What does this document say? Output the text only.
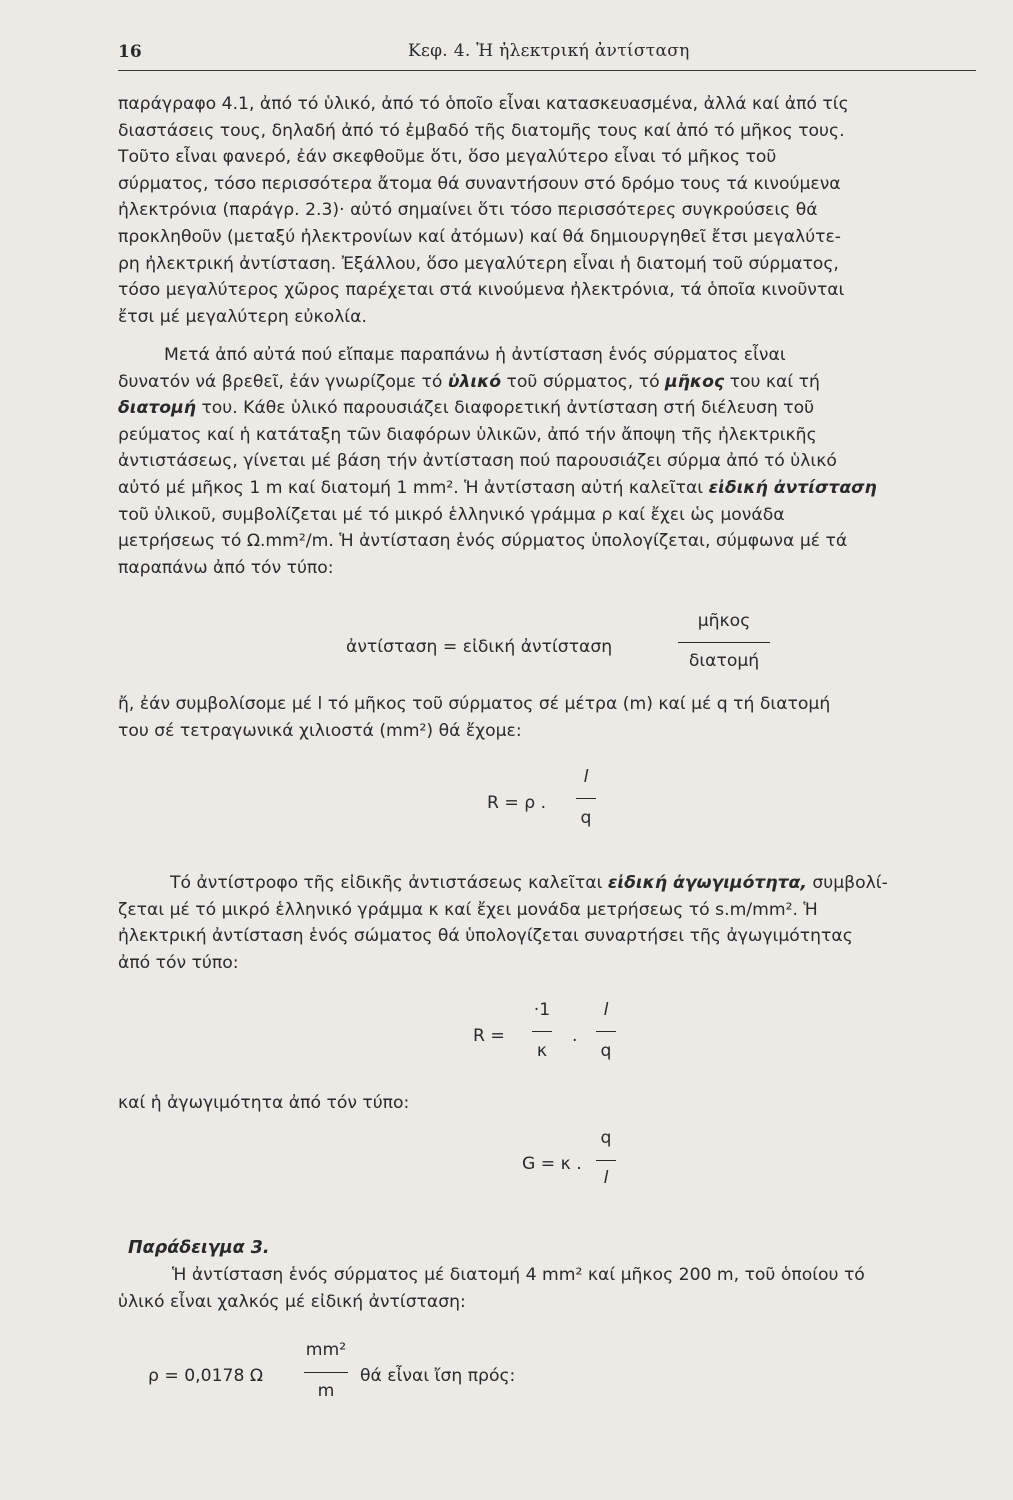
16	Κεφ. 4. Ἡ ἠλεκτρική ἀντίσταση

παράγραφο 4.1, ἀπό τό ὑλικό, ἀπό τό ὁποῖο εἶναι κατασκευασμένα, ἀλλά καί ἀπό τίς
διαστάσεις τους, δηλαδή ἀπό τό ἐμβαδό τῆς διατομῆς τους καί ἀπό τό μῆκος τους.
Τοῦτο εἶναι φανερό, ἐάν σκεφθοῦμε ὅτι, ὅσο μεγαλύτερο εἶναι τό μῆκος τοῦ
σύρματος, τόσο περισσότερα ἄτομα θά συναντήσουν στό δρόμο τους τά κινούμενα
ἠλεκτρόνια (παράγρ. 2.3)· αὐτό σημαίνει ὅτι τόσο περισσότερες συγκρούσεις θά
προκληθοῦν (μεταξύ ἠλεκτρονίων καί ἀτόμων) καί θά δημιουργηθεῖ ἔτσι μεγαλύτε-
ρη ἠλεκτρική ἀντίσταση. Ἐξάλλου, ὅσο μεγαλύτερη εἶναι ἡ διατομή τοῦ σύρματος,
τόσο μεγαλύτερος χῶρος παρέχεται στά κινούμενα ἠλεκτρόνια, τά ὁποῖα κινοῦνται
ἔτσι μέ μεγαλύτερη εὐκολία.

Μετά ἀπό αὐτά πού εἴπαμε παραπάνω ἡ ἀντίσταση ἑνός σύρματος εἶναι
δυνατόν νά βρεθεῖ, ἐάν γνωρίζομε τό ὑλικό τοῦ σύρματος, τό μῆκος του καί τή
διατομή του. Κάθε ὑλικό παρουσιάζει διαφορετική ἀντίσταση στή διέλευση τοῦ
ρεύματος καί ἡ κατάταξη τῶν διαφόρων ὑλικῶν, ἀπό τήν ἄποψη τῆς ἠλεκτρικῆς
ἀντιστάσεως, γίνεται μέ βάση τήν ἀντίσταση πού παρουσιάζει σύρμα ἀπό τό ὑλικό
αὐτό μέ μῆκος 1 m καί διατομή 1 mm². Ἡ ἀντίσταση αὐτή καλεῖται εἰδική ἀντίσταση
τοῦ ὑλικοῦ, συμβολίζεται μέ τό μικρό ἑλληνικό γράμμα ρ καί ἔχει ὡς μονάδα
μετρήσεως τό Ω.mm²/m. Ἡ ἀντίσταση ἑνός σύρματος ὑπολογίζεται, σύμφωνα μέ τά
παραπάνω ἀπό τόν τύπο:

ἀντίσταση = εἰδική ἀντίσταση
μῆκος
διατομή

ἤ, ἐάν συμβολίσομε μέ l τό μῆκος τοῦ σύρματος σέ μέτρα (m) καί μέ q τή διατομή
του σέ τετραγωνικά χιλιοστά (mm²) θά ἔχομε:

R = ρ .
l
q

Τό ἀντίστροφο τῆς εἰδικῆς ἀντιστάσεως καλεῖται εἰδική ἀγωγιμότητα, συμβολί-
ζεται μέ τό μικρό ἑλληνικό γράμμα κ καί ἔχει μονάδα μετρήσεως τό s.m/mm². Ἡ
ἠλεκτρική ἀντίσταση ἑνός σώματος θά ὑπολογίζεται συναρτήσει τῆς ἀγωγιμότητας
ἀπό τόν τύπο:

R =
·1
κ
.
l
q

καί ἡ ἀγωγιμότητα ἀπό τόν τύπο:

G = κ .
q
l
Παράδειγμα 3.

Ἡ ἀντίσταση ἑνός σύρματος μέ διατομή 4 mm² καί μῆκος 200 m, τοῦ ὁποίου τό
ὑλικό εἶναι χαλκός μέ εἰδική ἀντίσταση:

ρ = 0,0178 Ω
mm²
m
θά εἶναι ἴση πρός:
